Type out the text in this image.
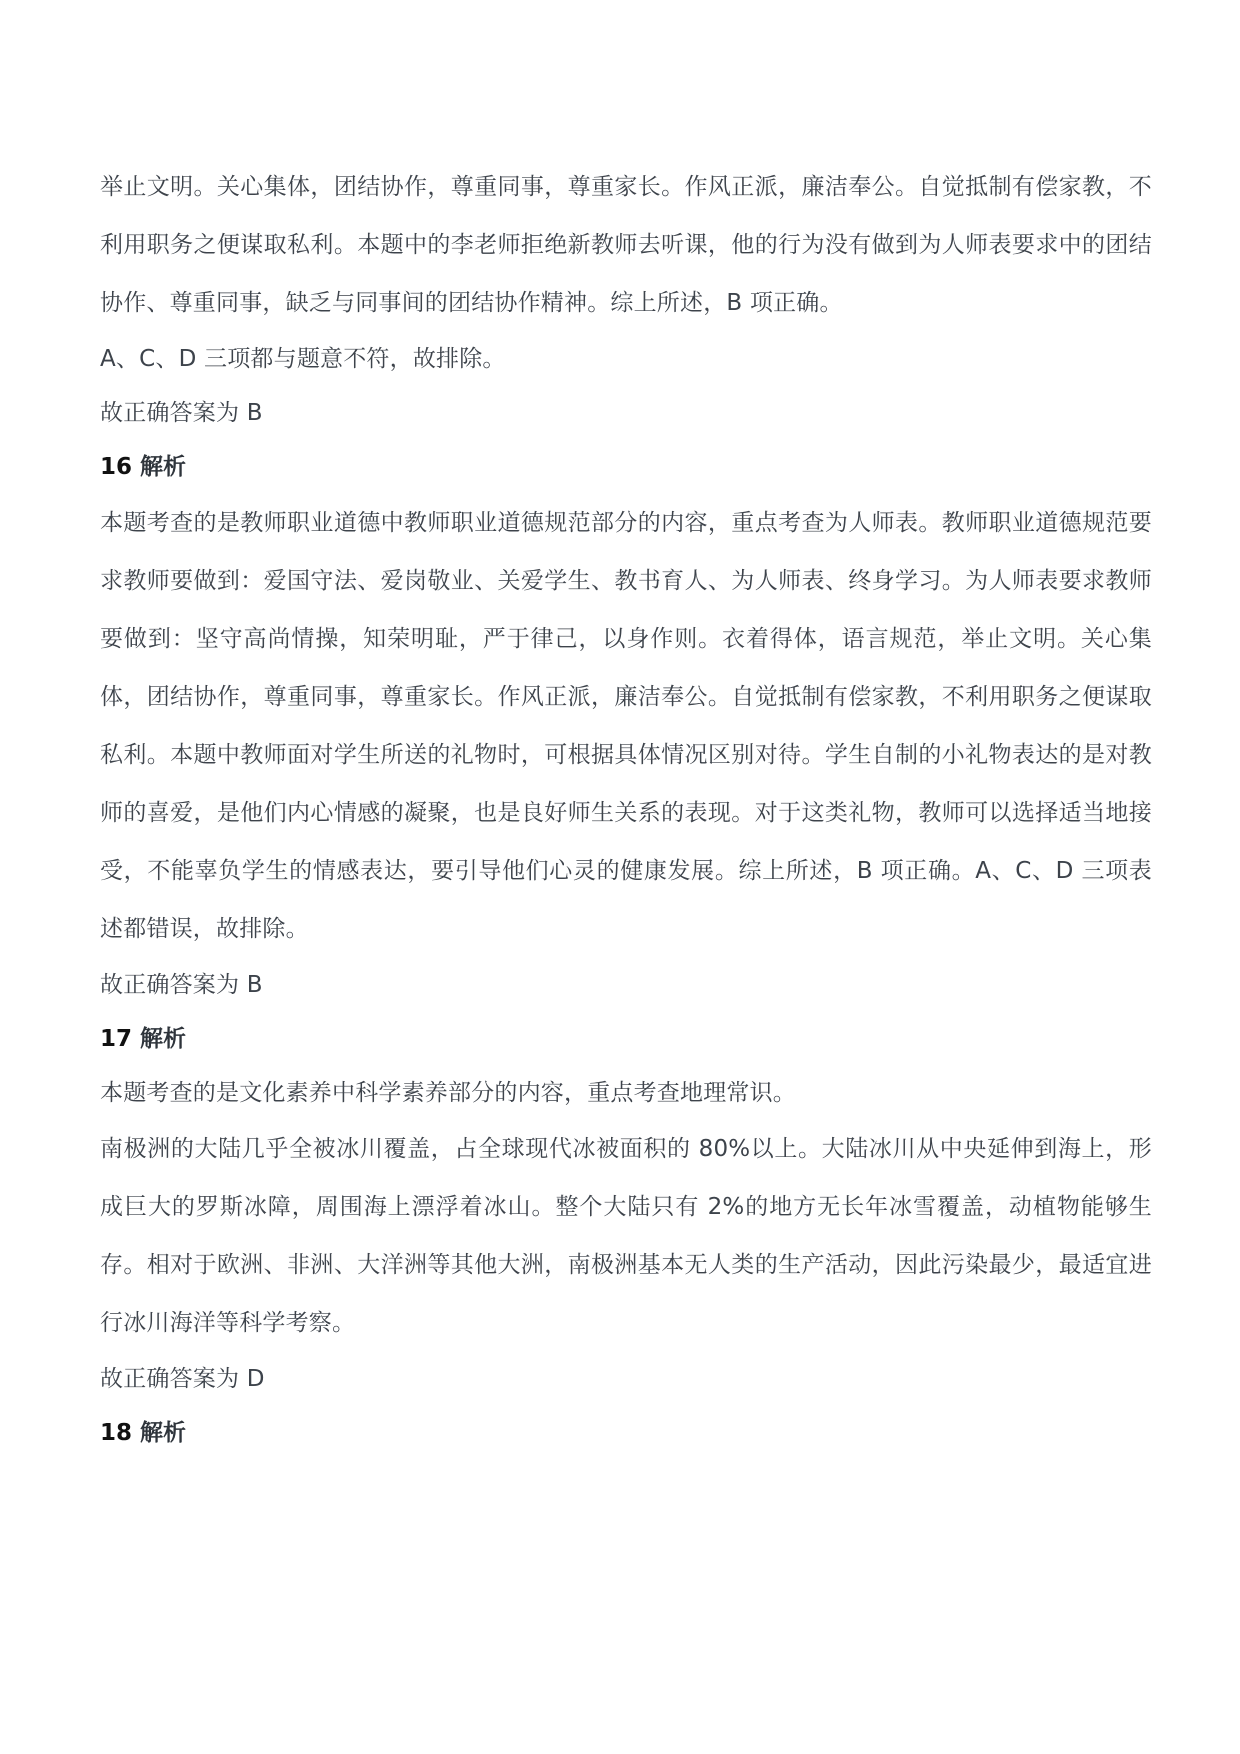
举止文明。关心集体，团结协作，尊重同事，尊重家长。作风正派，廉洁奉公。自觉抵制有偿家教，不利用职务之便谋取私利。本题中的李老师拒绝新教师去听课，他的行为没有做到为人师表要求中的团结协作、尊重同事，缺乏与同事间的团结协作精神。综上所述，B 项正确。

A、C、D 三项都与题意不符，故排除。

故正确答案为 B

16 解析

本题考查的是教师职业道德中教师职业道德规范部分的内容，重点考查为人师表。教师职业道德规范要求教师要做到：爱国守法、爱岗敬业、关爱学生、教书育人、为人师表、终身学习。为人师表要求教师要做到：坚守高尚情操，知荣明耻，严于律己，以身作则。衣着得体，语言规范，举止文明。关心集体，团结协作，尊重同事，尊重家长。作风正派，廉洁奉公。自觉抵制有偿家教，不利用职务之便谋取私利。本题中教师面对学生所送的礼物时，可根据具体情况区别对待。学生自制的小礼物表达的是对教师的喜爱，是他们内心情感的凝聚，也是良好师生关系的表现。对于这类礼物，教师可以选择适当地接受，不能辜负学生的情感表达，要引导他们心灵的健康发展。综上所述，B 项正确。A、C、D 三项表述都错误，故排除。

故正确答案为 B

17 解析

本题考查的是文化素养中科学素养部分的内容，重点考查地理常识。

南极洲的大陆几乎全被冰川覆盖，占全球现代冰被面积的 80%以上。大陆冰川从中央延伸到海上，形成巨大的罗斯冰障，周围海上漂浮着冰山。整个大陆只有 2%的地方无长年冰雪覆盖，动植物能够生存。相对于欧洲、非洲、大洋洲等其他大洲，南极洲基本无人类的生产活动，因此污染最少，最适宜进行冰川海洋等科学考察。

故正确答案为 D

18 解析
